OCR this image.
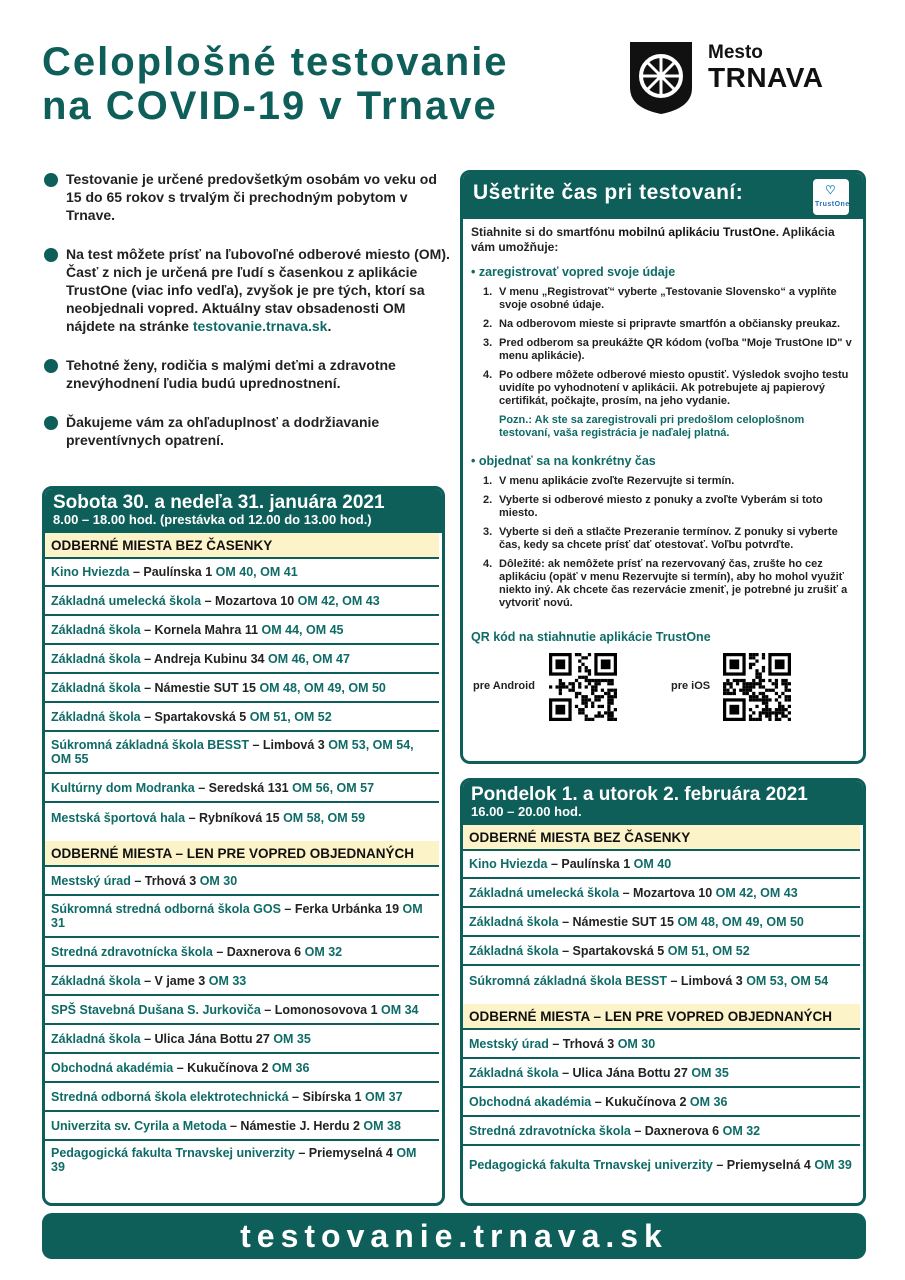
Celoplošné testovanie
na COVID-19 v Trnave
Mesto
TRNAVA
Testovanie je určené predovšetkým osobám vo veku od 15 do 65 rokov s trvalým či prechodným pobytom v Trnave.
Na test môžete prísť na ľubovoľné odberové miesto (OM). Časť z nich je určená pre ľudí s časenkou z aplikácie TrustOne (viac info vedľa), zvyšok je pre tých, ktorí sa neobjednali vopred. Aktuálny stav obsadenosti OM nájdete na stránke testovanie.trnava.sk.
Tehotné ženy, rodičia s malými deťmi a zdravotne znevýhodnení ľudia budú uprednostnení.
Ďakujeme vám za ohľaduplnosť a dodržiavanie preventívnych opatrení.
Sobota 30. a nedeľa 31. januára 2021
8.00 – 18.00 hod. (prestávka od 12.00 do 13.00 hod.)
ODBERNÉ MIESTA BEZ ČASENKY
Kino Hviezda – Paulínska 1 OM 40, OM 41
Základná umelecká škola – Mozartova 10 OM 42, OM 43
Základná škola – Kornela Mahra 11 OM 44, OM 45
Základná škola – Andreja Kubinu 34 OM 46, OM 47
Základná škola – Námestie SUT 15 OM 48, OM 49, OM 50
Základná škola – Spartakovská 5 OM 51, OM 52
Súkromná základná škola BESST – Limbová 3 OM 53, OM 54, OM 55
Kultúrny dom Modranka – Seredská 131 OM 56, OM 57
Mestská športová hala – Rybníková 15 OM 58, OM 59
ODBERNÉ MIESTA – LEN PRE VOPRED OBJEDNANÝCH
Mestský úrad – Trhová 3 OM 30
Súkromná stredná odborná škola GOS – Ferka Urbánka 19 OM 31
Stredná zdravotnícka škola – Daxnerova 6 OM 32
Základná škola – V jame 3 OM 33
SPŠ Stavebná Dušana S. Jurkoviča – Lomonosovova 1 OM 34
Základná škola – Ulica Jána Bottu 27 OM 35
Obchodná akadémia – Kukučínova 2 OM 36
Stredná odborná škola elektrotechnická – Sibírska 1 OM 37
Univerzita sv. Cyrila a Metoda – Námestie J. Herdu 2 OM 38
Pedagogická fakulta Trnavskej univerzity – Priemyselná 4 OM 39
Ušetrite čas pri testovaní:	♡
TrustOne
Stiahnite si do smartfónu mobilnú aplikáciu TrustOne. Aplikácia vám umožňuje:
• zaregistrovať vopred svoje údaje
1. V menu „Registrovať“ vyberte „Testovanie Slovensko“ a vyplňte svoje osobné údaje.
2. Na odberovom mieste si pripravte smartfón a občiansky preukaz.
3. Pred odberom sa preukážte QR kódom (voľba "Moje TrustOne ID" v menu aplikácie).
4. Po odbere môžete odberové miesto opustiť. Výsledok svojho testu uvidíte po vyhodnotení v aplikácii. Ak potrebujete aj papierový certifikát, počkajte, prosím, na jeho vydanie.
Pozn.: Ak ste sa zaregistrovali pri predošlom celoplošnom testovaní, vaša registrácia je naďalej platná.
• objednať sa na konkrétny čas
1. V menu aplikácie zvoľte Rezervujte si termín.
2. Vyberte si odberové miesto z ponuky a zvoľte Vyberám si toto miesto.
3. Vyberte si deň a stlačte Prezeranie termínov. Z ponuky si vyberte čas, kedy sa chcete prísť dať otestovať. Voľbu potvrďte.
4. Dôležité: ak nemôžete prísť na rezervovaný čas, zrušte ho cez aplikáciu (opäť v menu Rezervujte si termín), aby ho mohol využiť niekto iný. Ak chcete čas rezervácie zmeniť, je potrebné ju zrušiť a vytvoriť novú.
QR kód na stiahnutie aplikácie TrustOne
pre Android	pre iOS
Pondelok 1. a utorok 2. februára 2021
16.00 – 20.00 hod.
ODBERNÉ MIESTA BEZ ČASENKY
Kino Hviezda – Paulínska 1 OM 40
Základná umelecká škola – Mozartova 10 OM 42, OM 43
Základná škola – Námestie SUT 15 OM 48, OM 49, OM 50
Základná škola – Spartakovská 5 OM 51, OM 52
Súkromná základná škola BESST – Limbová 3 OM 53, OM 54
ODBERNÉ MIESTA – LEN PRE VOPRED OBJEDNANÝCH
Mestský úrad – Trhová 3 OM 30
Základná škola – Ulica Jána Bottu 27 OM 35
Obchodná akadémia – Kukučínova 2 OM 36
Stredná zdravotnícka škola – Daxnerova 6 OM 32
Pedagogická fakulta Trnavskej univerzity – Priemyselná 4 OM 39
testovanie.trnava.sk
